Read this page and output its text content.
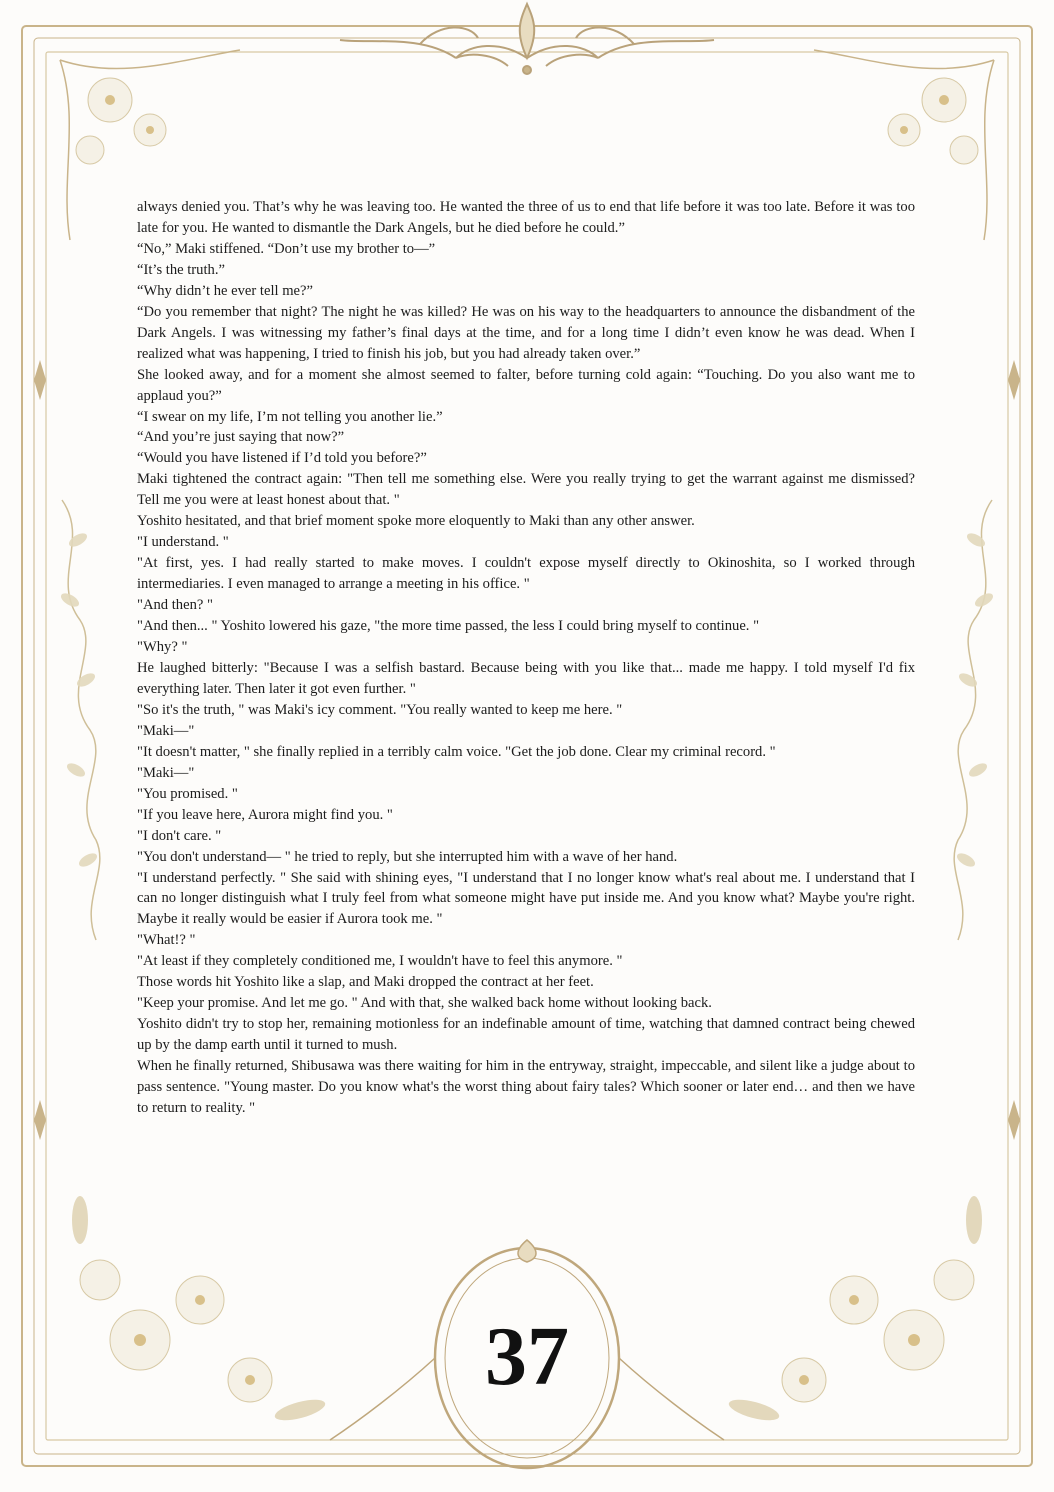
always denied you. That’s why he was leaving too. He wanted the three of us to end that life before it was too late. Before it was too late for you. He wanted to dismantle the Dark Angels, but he died before he could.”

“No,” Maki stiffened. “Don’t use my brother to—”

“It’s the truth.”

“Why didn’t he ever tell me?”

“Do you remember that night? The night he was killed? He was on his way to the headquarters to announce the disbandment of the Dark Angels. I was witnessing my father’s final days at the time, and for a long time I didn’t even know he was dead. When I realized what was happening, I tried to finish his job, but you had already taken over.”

She looked away, and for a moment she almost seemed to falter, before turning cold again: “Touching. Do you also want me to applaud you?”

“I swear on my life, I’m not telling you another lie.”

“And you’re just saying that now?”

“Would you have listened if I’d told you before?”

Maki tightened the contract again: "Then tell me something else. Were you really trying to get the warrant against me dismissed? Tell me you were at least honest about that. "

Yoshito hesitated, and that brief moment spoke more eloquently to Maki than any other answer.

"I understand. "

"At first, yes. I had really started to make moves. I couldn't expose myself directly to Okinoshita, so I worked through intermediaries. I even managed to arrange a meeting in his office. "

"And then? "

"And then... " Yoshito lowered his gaze, "the more time passed, the less I could bring myself to continue. "

"Why? "

He laughed bitterly: "Because I was a selfish bastard. Because being with you like that... made me happy. I told myself I'd fix everything later. Then later it got even further. "

"So it's the truth, " was Maki's icy comment. "You really wanted to keep me here. "

"Maki—"

"It doesn't matter, " she finally replied in a terribly calm voice. "Get the job done. Clear my criminal record. "

"Maki—"

"You promised. "

"If you leave here, Aurora might find you. "

"I don't care. "

"You don't understand— " he tried to reply, but she interrupted him with a wave of her hand.

"I understand perfectly. " She said with shining eyes, "I understand that I no longer know what's real about me. I understand that I can no longer distinguish what I truly feel from what someone might have put inside me. And you know what? Maybe you're right. Maybe it really would be easier if Aurora took me. "

"What!? "

"At least if they completely conditioned me, I wouldn't have to feel this anymore. "

Those words hit Yoshito like a slap, and Maki dropped the contract at her feet.

"Keep your promise. And let me go. " And with that, she walked back home without looking back.

Yoshito didn't try to stop her, remaining motionless for an indefinable amount of time, watching that damned contract being chewed up by the damp earth until it turned to mush.

When he finally returned, Shibusawa was there waiting for him in the entryway, straight, impeccable, and silent like a judge about to pass sentence. "Young master. Do you know what's the worst thing about fairy tales? Which sooner or later end… and then we have to return to reality. "

37
